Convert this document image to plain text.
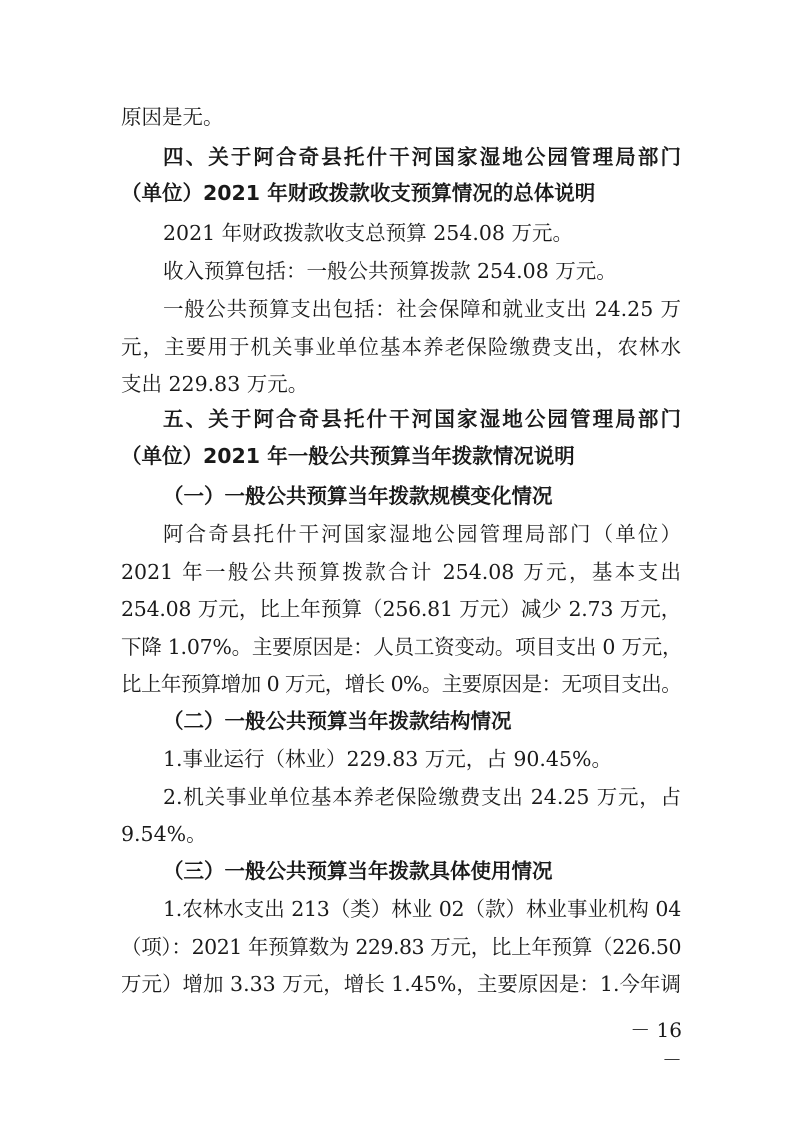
原因是无。
四、关于阿合奇县托什干河国家湿地公园管理局部门
（单位）2021 年财政拨款收支预算情况的总体说明
2021 年财政拨款收支总预算 254.08 万元。
收入预算包括：一般公共预算拨款 254.08 万元。
一般公共预算支出包括：社会保障和就业支出 24.25 万
元，主要用于机关事业单位基本养老保险缴费支出，农林水
支出 229.83 万元。
五、关于阿合奇县托什干河国家湿地公园管理局部门
（单位）2021 年一般公共预算当年拨款情况说明
（一）一般公共预算当年拨款规模变化情况
阿合奇县托什干河国家湿地公园管理局部门（单位）
2021 年一般公共预算拨款合计 254.08 万元，基本支出
254.08 万元，比上年预算（256.81 万元）减少 2.73 万元，
下降 1.07%。主要原因是：人员工资变动。项目支出 0 万元，
比上年预算增加 0 万元，增长 0%。主要原因是：无项目支出。
（二）一般公共预算当年拨款结构情况
1.事业运行（林业）229.83 万元，占 90.45%。
2.机关事业单位基本养老保险缴费支出 24.25 万元，占
9.54%。
（三）一般公共预算当年拨款具体使用情况
1.农林水支出 213（类）林业 02（款）林业事业机构 04
（项）：2021 年预算数为 229.83 万元，比上年预算（226.50
万元）增加 3.33 万元，增长 1.45%，主要原因是：1.今年调
－ 16 －
